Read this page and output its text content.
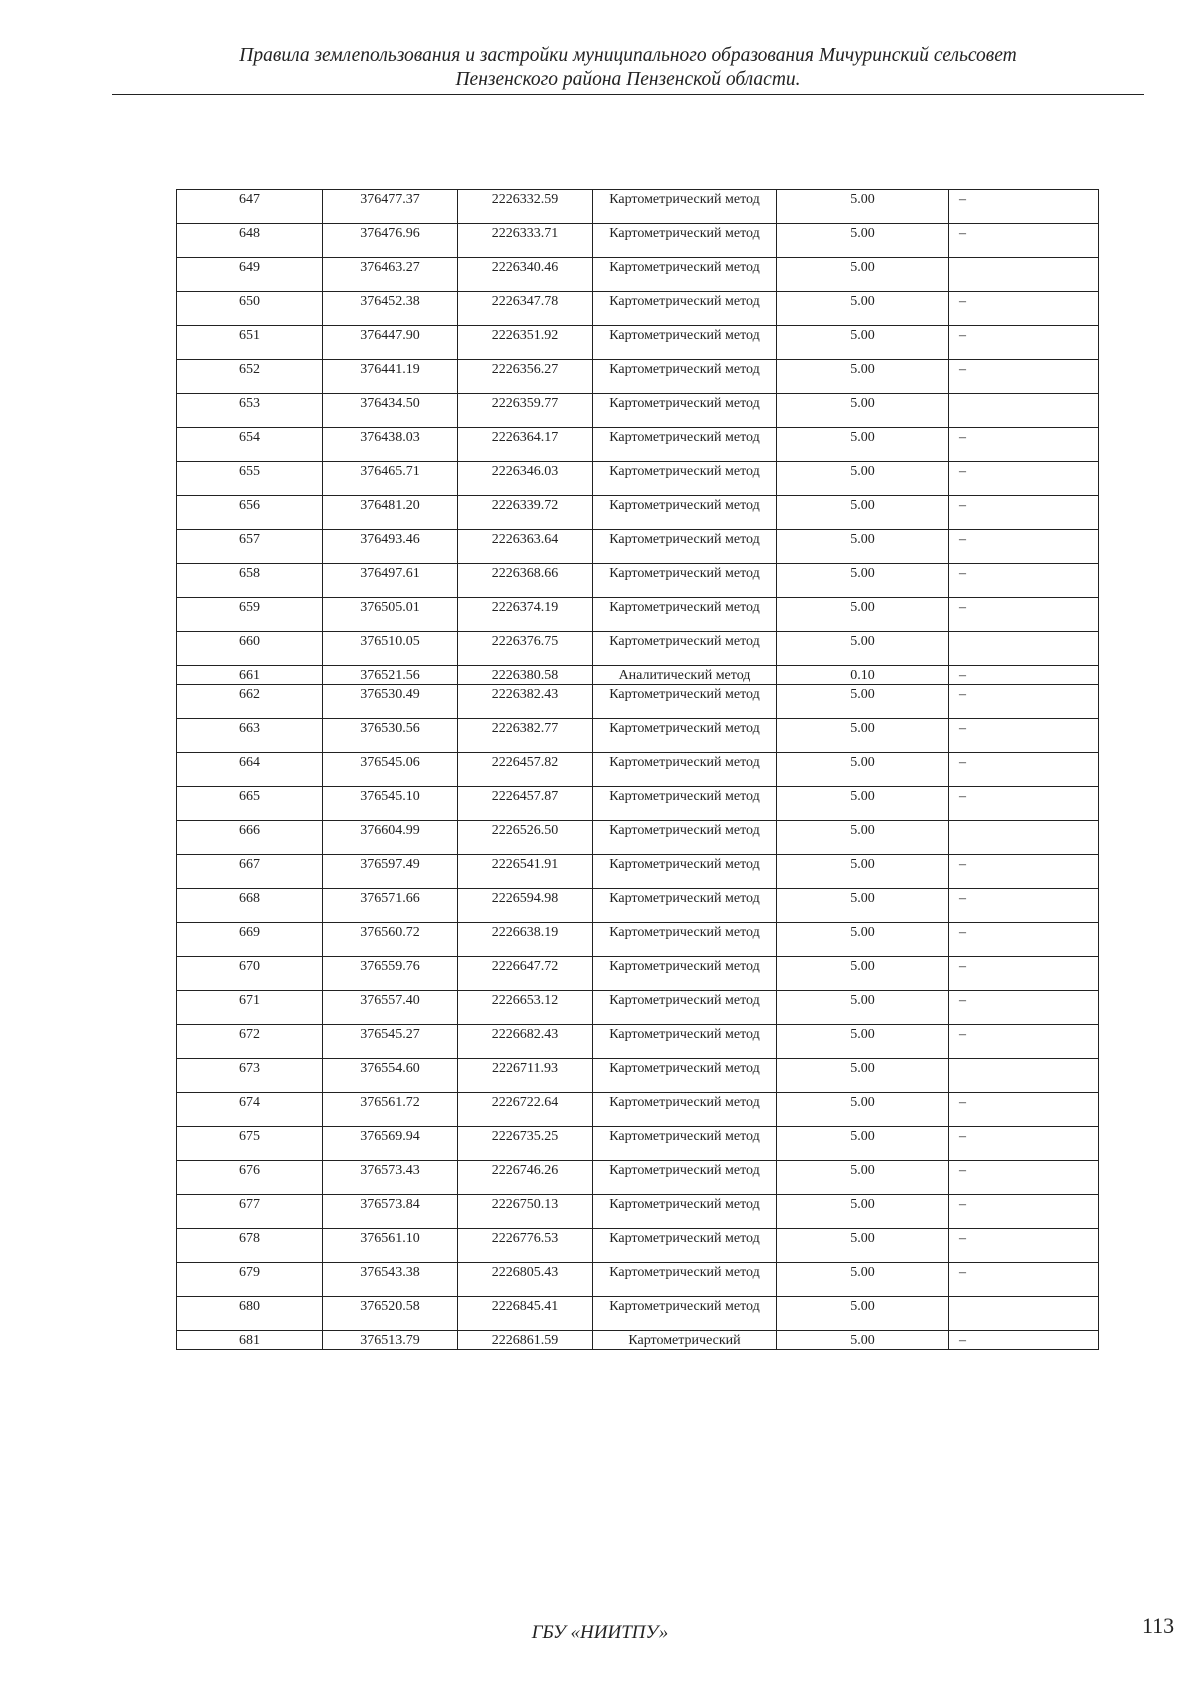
Правила землепользования и застройки муниципального образования Мичуринский сельсовет
Пензенского района Пензенской области.
647	376477.37	2226332.59	Картометрический метод	5.00	–
648	376476.96	2226333.71	Картометрический метод	5.00	–
649	376463.27	2226340.46	Картометрический метод	5.00	
650	376452.38	2226347.78	Картометрический метод	5.00	–
651	376447.90	2226351.92	Картометрический метод	5.00	–
652	376441.19	2226356.27	Картометрический метод	5.00	–
653	376434.50	2226359.77	Картометрический метод	5.00	
654	376438.03	2226364.17	Картометрический метод	5.00	–
655	376465.71	2226346.03	Картометрический метод	5.00	–
656	376481.20	2226339.72	Картометрический метод	5.00	–
657	376493.46	2226363.64	Картометрический метод	5.00	–
658	376497.61	2226368.66	Картометрический метод	5.00	–
659	376505.01	2226374.19	Картометрический метод	5.00	–
660	376510.05	2226376.75	Картометрический метод	5.00	
661	376521.56	2226380.58	Аналитический метод	0.10	–
662	376530.49	2226382.43	Картометрический метод	5.00	–
663	376530.56	2226382.77	Картометрический метод	5.00	–
664	376545.06	2226457.82	Картометрический метод	5.00	–
665	376545.10	2226457.87	Картометрический метод	5.00	–
666	376604.99	2226526.50	Картометрический метод	5.00	
667	376597.49	2226541.91	Картометрический метод	5.00	–
668	376571.66	2226594.98	Картометрический метод	5.00	–
669	376560.72	2226638.19	Картометрический метод	5.00	–
670	376559.76	2226647.72	Картометрический метод	5.00	–
671	376557.40	2226653.12	Картометрический метод	5.00	–
672	376545.27	2226682.43	Картометрический метод	5.00	–
673	376554.60	2226711.93	Картометрический метод	5.00	
674	376561.72	2226722.64	Картометрический метод	5.00	–
675	376569.94	2226735.25	Картометрический метод	5.00	–
676	376573.43	2226746.26	Картометрический метод	5.00	–
677	376573.84	2226750.13	Картометрический метод	5.00	–
678	376561.10	2226776.53	Картометрический метод	5.00	–
679	376543.38	2226805.43	Картометрический метод	5.00	–
680	376520.58	2226845.41	Картометрический метод	5.00	
681	376513.79	2226861.59	Картометрический	5.00	–
ГБУ «НИИТПУ»	113
